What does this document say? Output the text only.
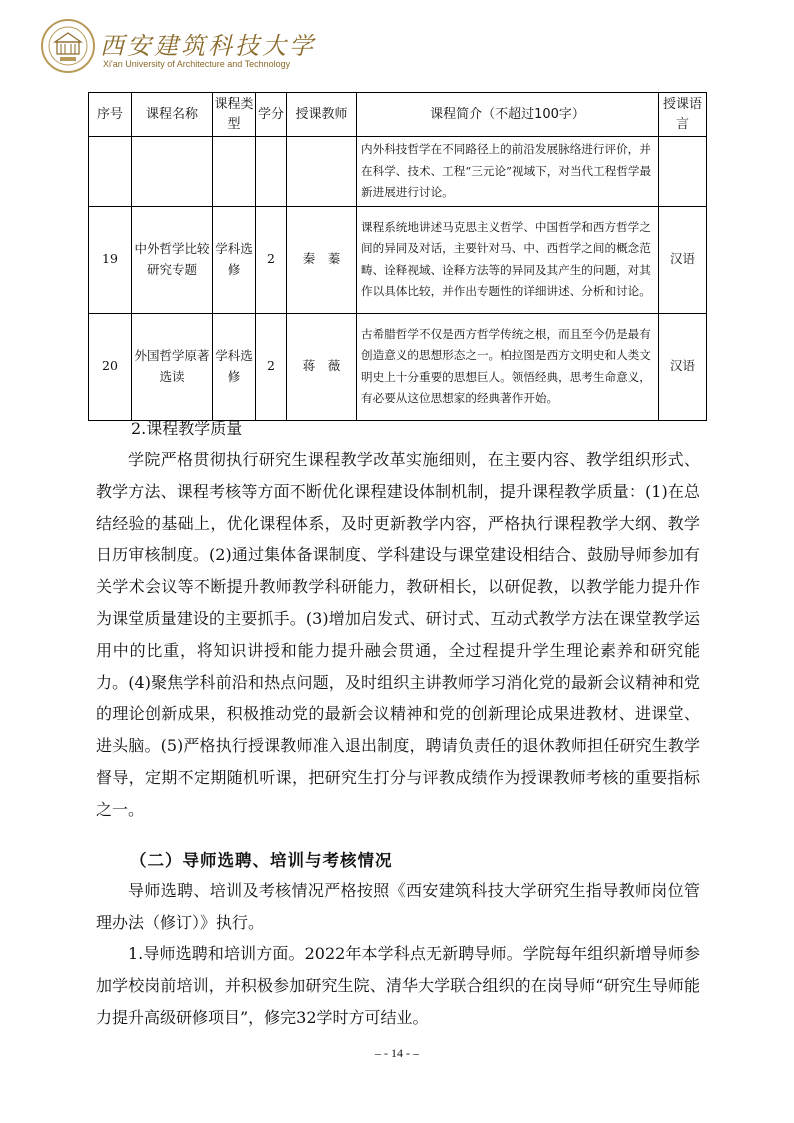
西安建筑科技大学
Xi'an University of Architecture and Technology
序号	课程名称	课程类型	学分	授课教师	课程简介（不超过100字）	授课语言
					内外科技哲学在不同路径上的前沿发展脉络进行评价，并在科学、技术、工程“三元论”视域下，对当代工程哲学最新进展进行讨论。	
19	中外哲学比较研究专题	学科选修	2	秦　蓁	课程系统地讲述马克思主义哲学、中国哲学和西方哲学之间的异同及对话，主要针对马、中、西哲学之间的概念范畴、诠释视域、诠释方法等的异同及其产生的问题，对其作以具体比较，并作出专题性的详细讲述、分析和讨论。	汉语
20	外国哲学原著选读	学科选修	2	蒋　薇	古希腊哲学不仅是西方哲学传统之根，而且至今仍是最有创造意义的思想形态之一。柏拉图是西方文明史和人类文明史上十分重要的思想巨人。领悟经典，思考生命意义，有必要从这位思想家的经典著作开始。	汉语
2.课程教学质量
学院严格贯彻执行研究生课程教学改革实施细则，在主要内容、教学组织形式、教学方法、课程考核等方面不断优化课程建设体制机制，提升课程教学质量：(1)在总结经验的基础上，优化课程体系，及时更新教学内容，严格执行课程教学大纲、教学日历审核制度。(2)通过集体备课制度、学科建设与课堂建设相结合、鼓励导师参加有关学术会议等不断提升教师教学科研能力，教研相长，以研促教，以教学能力提升作为课堂质量建设的主要抓手。(3)增加启发式、研讨式、互动式教学方法在课堂教学运用中的比重，将知识讲授和能力提升融会贯通，全过程提升学生理论素养和研究能力。(4)聚焦学科前沿和热点问题，及时组织主讲教师学习消化党的最新会议精神和党的理论创新成果，积极推动党的最新会议精神和党的创新理论成果进教材、进课堂、进头脑。(5)严格执行授课教师准入退出制度，聘请负责任的退休教师担任研究生教学督导，定期不定期随机听课，把研究生打分与评教成绩作为授课教师考核的重要指标之一。
（二）导师选聘、培训与考核情况
导师选聘、培训及考核情况严格按照《西安建筑科技大学研究生指导教师岗位管理办法（修订）》执行。
1.导师选聘和培训方面。2022年本学科点无新聘导师。学院每年组织新增导师参加学校岗前培训，并积极参加研究生院、清华大学联合组织的在岗导师“研究生导师能力提升高级研修项目”，修完32学时方可结业。
– - 14 - –
